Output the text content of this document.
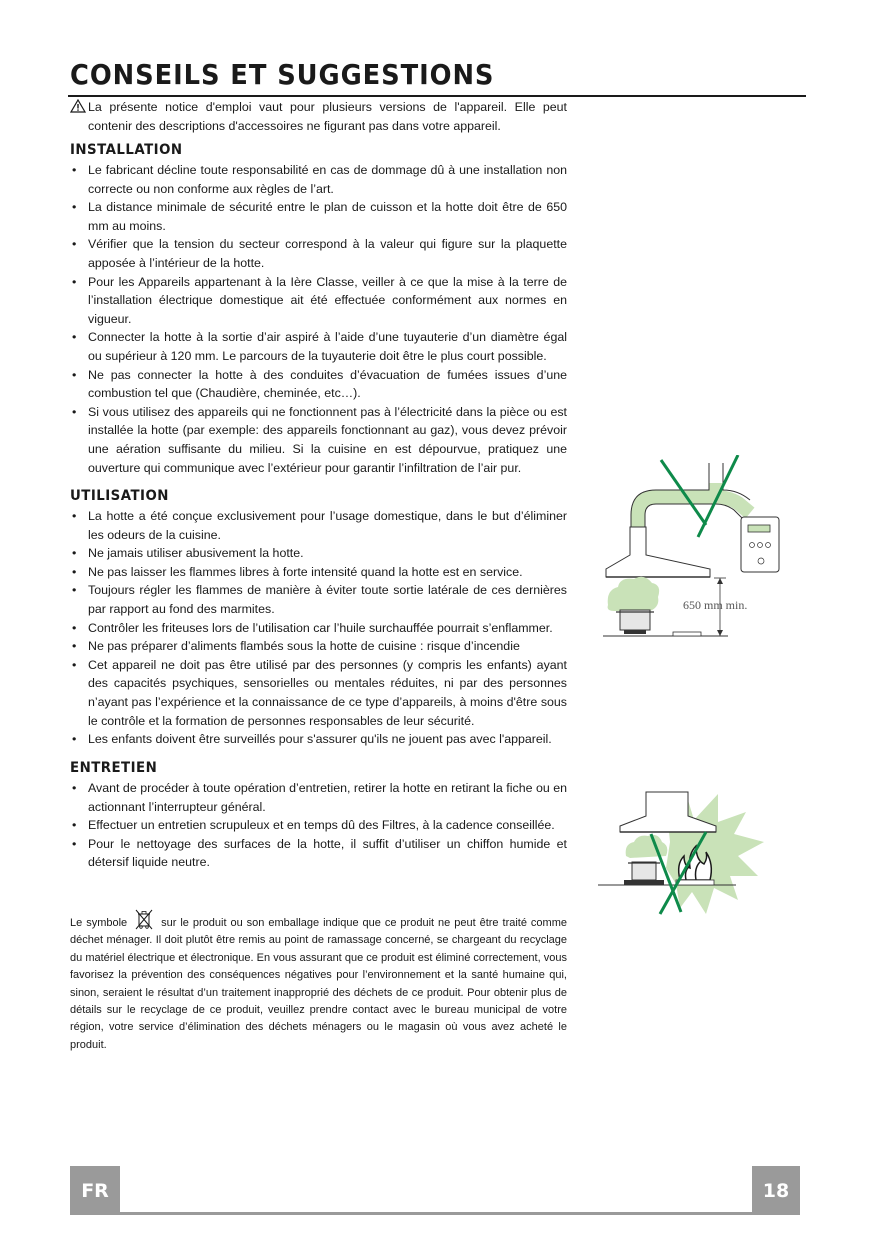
CONSEILS ET SUGGESTIONS

La présente notice d'emploi vaut pour plusieurs versions de l'appareil. Elle peut contenir des descriptions d'accessoires ne figurant pas dans votre appareil.

INSTALLATION
• Le fabricant décline toute responsabilité en cas de dommage dû à une installation non correcte ou non conforme aux règles de l’art.
• La distance minimale de sécurité entre le plan de cuisson et la hotte doit être de 650 mm au moins.
• Vérifier que la tension du secteur correspond à la valeur qui figure sur la plaquette apposée à l’intérieur de la hotte.
• Pour les Appareils appartenant à la Ière Classe, veiller à ce que la mise à la terre de l’installation électrique domestique ait été effectuée conformément aux normes en vigueur.
• Connecter la hotte à la sortie d’air aspiré à l’aide d’une tuyauterie d’un diamètre égal ou supérieur à 120 mm. Le parcours de la tuyauterie doit être le plus court possible.
• Ne pas connecter la hotte à des conduites d’évacuation de fumées issues d’une combustion tel que (Chaudière, cheminée, etc…).
• Si vous utilisez des appareils qui ne fonctionnent pas à l’électricité dans la pièce ou est installée la hotte (par exemple: des appareils fonctionnant au gaz), vous devez prévoir une aération suffisante du milieu. Si la cuisine en est dépourvue, pratiquez une ouverture qui communique avec l’extérieur pour garantir l’infiltration de l’air pur.
UTILISATION
• La hotte a été conçue exclusivement pour l’usage domestique, dans le but d’éliminer les odeurs de la cuisine.
• Ne jamais utiliser abusivement la hotte.
• Ne pas laisser les flammes libres à forte intensité quand la hotte est en service.
• Toujours régler les flammes de manière à éviter toute sortie latérale de ces dernières par rapport au fond des marmites.
• Contrôler les friteuses lors de l’utilisation car l’huile surchauffée pourrait s’enflammer.
• Ne pas préparer d’aliments flambés sous la hotte de cuisine : risque d’incendie
• Cet appareil ne doit pas être utilisé par des personnes (y compris les enfants) ayant des capacités psychiques, sensorielles ou mentales réduites, ni par des personnes n’ayant pas l’expérience et la connaissance de ce type d’appareils, à moins d'être sous le contrôle et la formation de personnes responsables de leur sécurité.
• Les enfants doivent être surveillés pour s'assurer qu'ils ne jouent pas avec l'appareil.
ENTRETIEN
• Avant de procéder à toute opération d’entretien, retirer la hotte en retirant la fiche ou en actionnant l’interrupteur général.
• Effectuer un entretien scrupuleux et en temps dû des Filtres, à la cadence conseillée.
• Pour le nettoyage des surfaces de la hotte, il suffit d’utiliser un chiffon humide et détersif liquide neutre.
Le symbole	sur le produit ou son emballage indique que ce produit ne peut être traité comme déchet ménager. Il doit plutôt être remis au point de ramassage concerné, se chargeant du recyclage du matériel électrique et électronique. En vous assurant que ce produit est éliminé correctement, vous favorisez la prévention des conséquences négatives pour l’environnement et la santé humaine qui, sinon, seraient le résultat d’un traitement inapproprié des déchets de ce produit. Pour obtenir plus de détails sur le recyclage de ce produit, veuillez prendre contact avec le bureau municipal de votre région, votre service d’élimination des déchets ménagers ou le magasin où vous avez acheté le produit.
650 mm min.
FR	18
